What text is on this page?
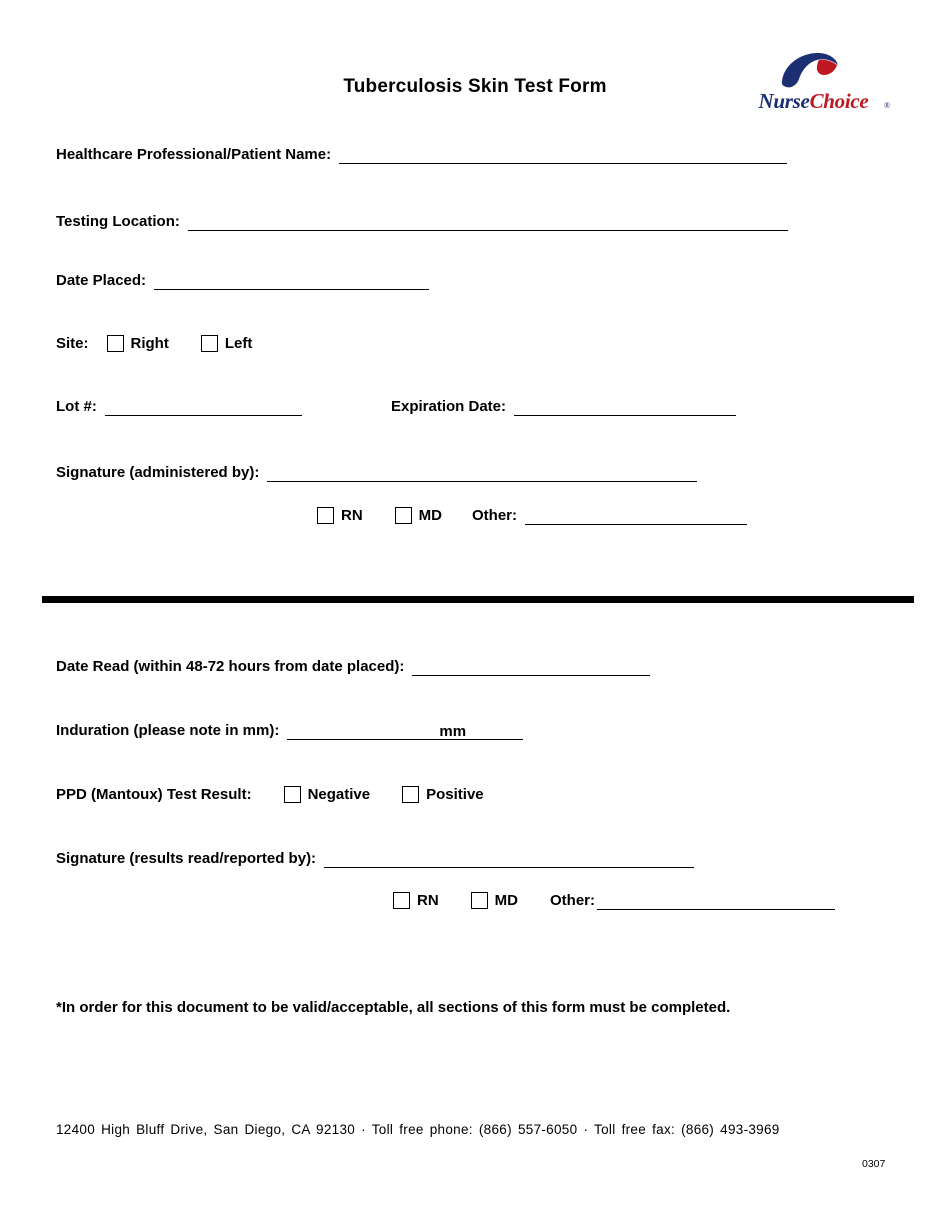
Tuberculosis Skin Test Form
NurseChoice	®
Healthcare Professional/Patient Name:
Testing Location:
Date Placed:
Site:	Right	Left
Lot #:	Expiration Date:
Signature (administered by):
RN	MD Other:
Date Read (within 48-72 hours from date placed):
Induration (please note in mm):	mm
PPD (Mantoux) Test Result:	Negative	Positive
Signature (results read/reported by):
RN	MD Other:
*In order for this document to be valid/acceptable, all sections of this form must be completed.
12400 High Bluff Drive, San Diego, CA 92130 · Toll free phone: (866) 557-6050 · Toll free fax: (866) 493-3969
0307
